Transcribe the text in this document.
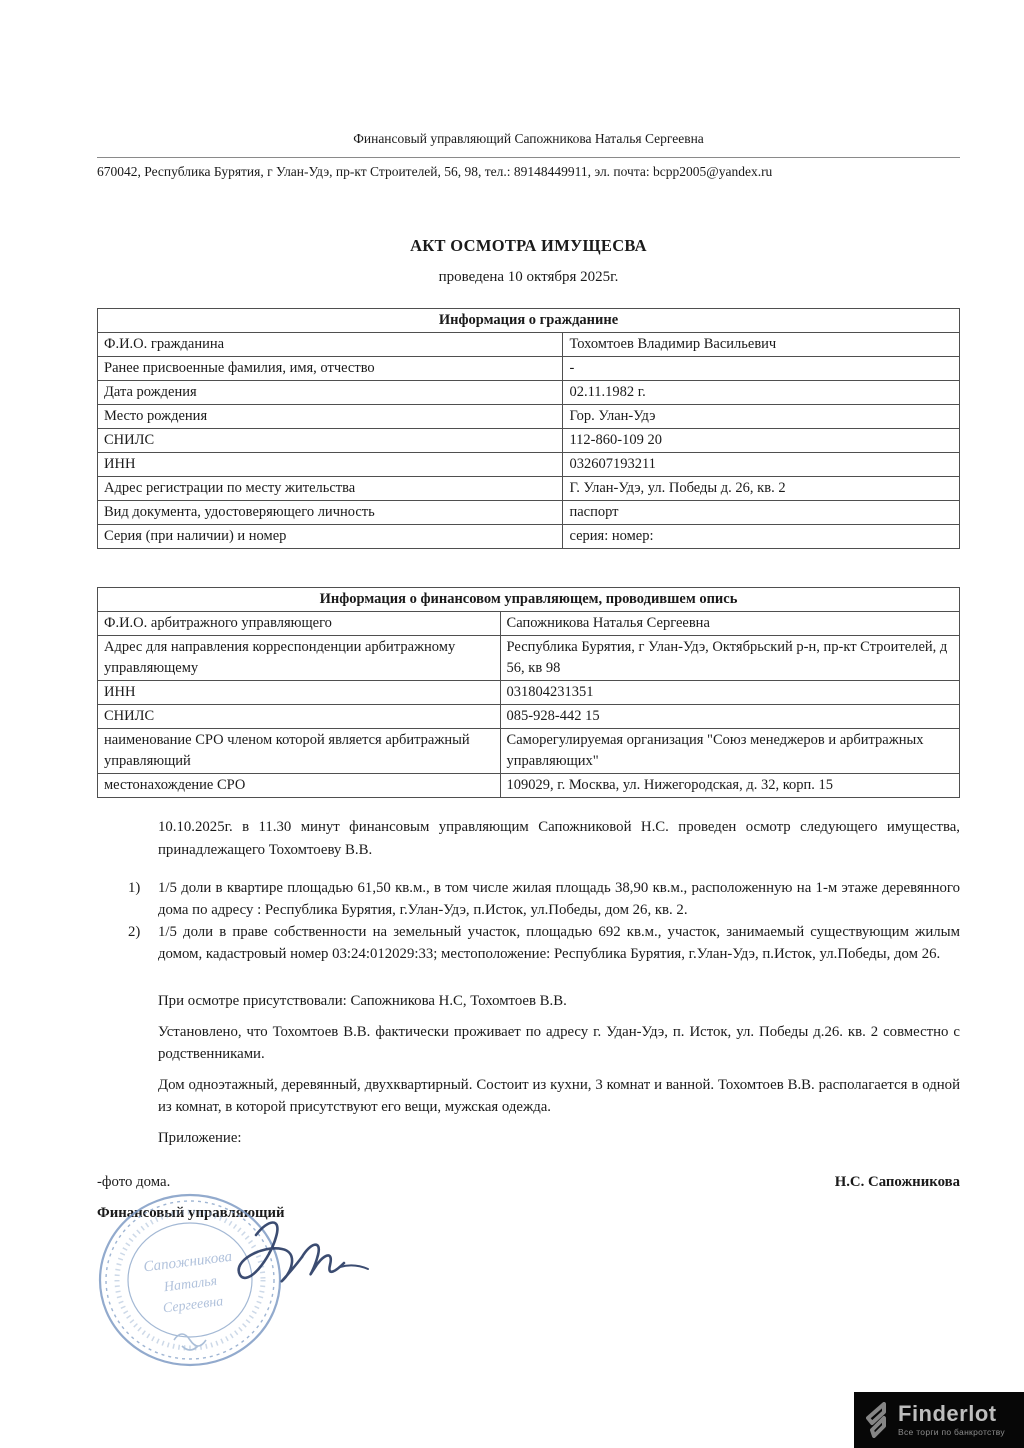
Финансовый управляющий Сапожникова Наталья Сергеевна
670042, Республика Бурятия, г Улан-Удэ, пр-кт Строителей, 56, 98, тел.: 89148449911, эл. почта: bcpp2005@yandex.ru
АКТ ОСМОТРА ИМУЩЕСВА
проведена 10 октября 2025г.
Информация о гражданине	
Ф.И.О. гражданина	Тохомтоев Владимир Васильевич
Ранее присвоенные фамилия, имя, отчество	-
Дата рождения	02.11.1982 г.
Место рождения	Гор. Улан-Удэ
СНИЛС	112-860-109 20
ИНН	032607193211
Адрес регистрации по месту жительства	Г. Улан-Удэ, ул. Победы д. 26, кв. 2
Вид документа, удостоверяющего личность	паспорт
Серия (при наличии) и номер	серия: номер:
Информация о финансовом управляющем, проводившем опись	
Ф.И.О. арбитражного управляющего	Сапожникова Наталья Сергеевна
Адрес для направления корреспонденции арбитражному управляющему	Республика Бурятия, г Улан-Удэ, Октябрьский р-н, пр-кт Строителей, д 56, кв 98
ИНН	031804231351
СНИЛС	085-928-442 15
наименование СРО членом которой является арбитражный управляющий	Саморегулируемая организация "Союз менеджеров и арбитражных управляющих"
местонахождение СРО	109029, г. Москва, ул. Нижегородская, д. 32, корп. 15

10.10.2025г. в 11.30 минут финансовым управляющим Сапожниковой Н.С. проведен осмотр следующего имущества, принадлежащего Тохомтоеву В.В.

1)	1/5 доли в квартире площадью 61,50 кв.м., в том числе жилая площадь 38,90 кв.м., расположенную на 1-м этаже деревянного дома по адресу : Республика Бурятия, г.Улан-Удэ, п.Исток, ул.Победы, дом 26, кв. 2.
2)	1/5 доли в праве собственности на земельный участок, площадью 692 кв.м., участок, занимаемый существующим жилым домом, кадастровый номер 03:24:012029:33; местоположение: Республика Бурятия, г.Улан-Удэ, п.Исток, ул.Победы, дом 26.

При осмотре присутствовали: Сапожникова Н.С, Тохомтоев В.В.

Установлено, что Тохомтоев В.В. фактически проживает по адресу г. Удан-Удэ, п. Исток, ул. Победы д.26. кв. 2 совместно с родственниками.

Дом одноэтажный, деревянный, двухквартирный. Состоит из кухни, 3 комнат и ванной. Тохомтоев В.В. располагается в одной из комнат, в которой присутствуют его вещи, мужская одежда.

Приложение:

-фото дома.	Н.С. Сапожникова
Финансовый управляющий
Сапожникова
Наталья
Сергеевна
Finderlot
Все торги по банкротству
